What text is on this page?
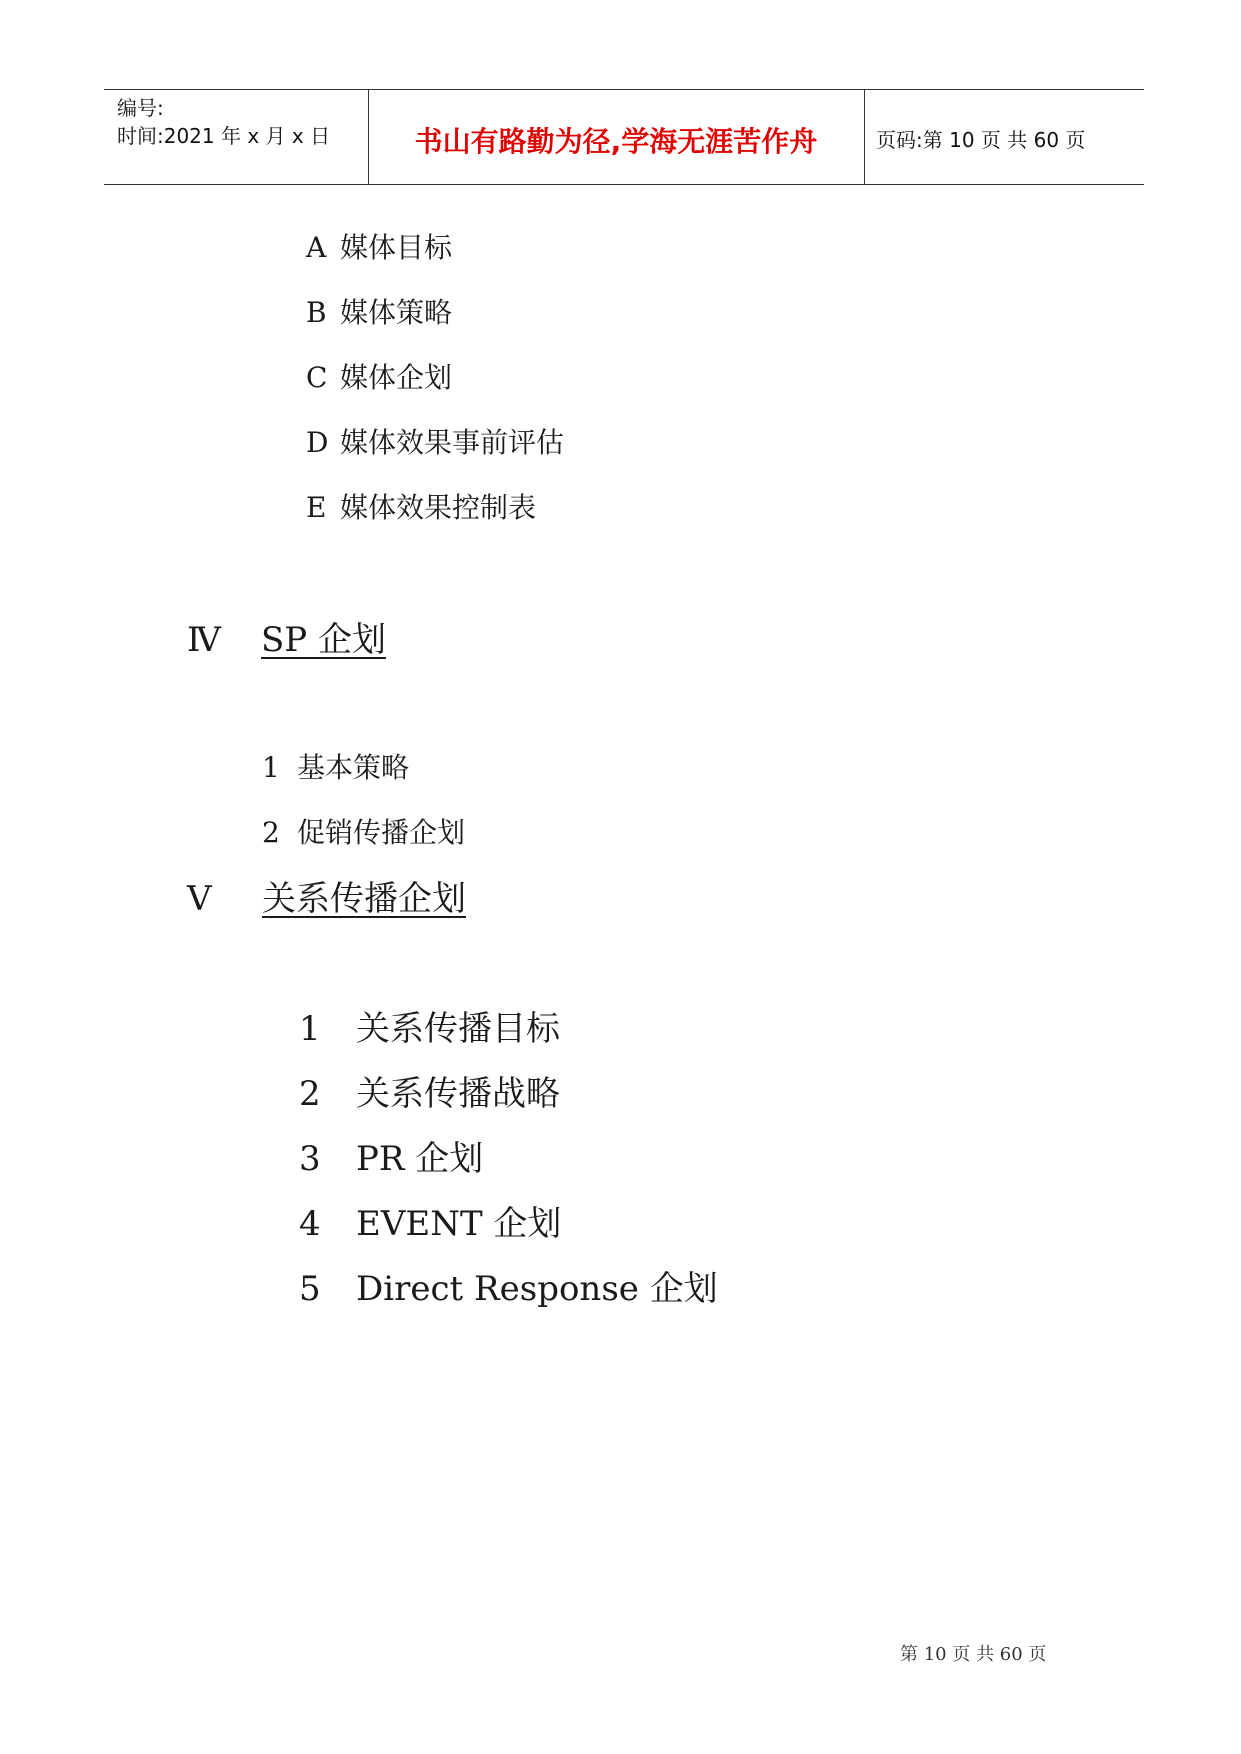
编号:
时间:2021 年 x 月 x 日	书山有路勤为径,学海无涯苦作舟	页码:第 10 页 共 60 页
A 媒体目标
B 媒体策略
C 媒体企划
D 媒体效果事前评估
E 媒体效果控制表
Ⅳ SP 企划
1 基本策略
2 促销传播企划
Ⅴ 关系传播企划
1 关系传播目标
2 关系传播战略
3 PR 企划
4 EVENT 企划
5 Direct Response 企划
第 10 页 共 60 页
